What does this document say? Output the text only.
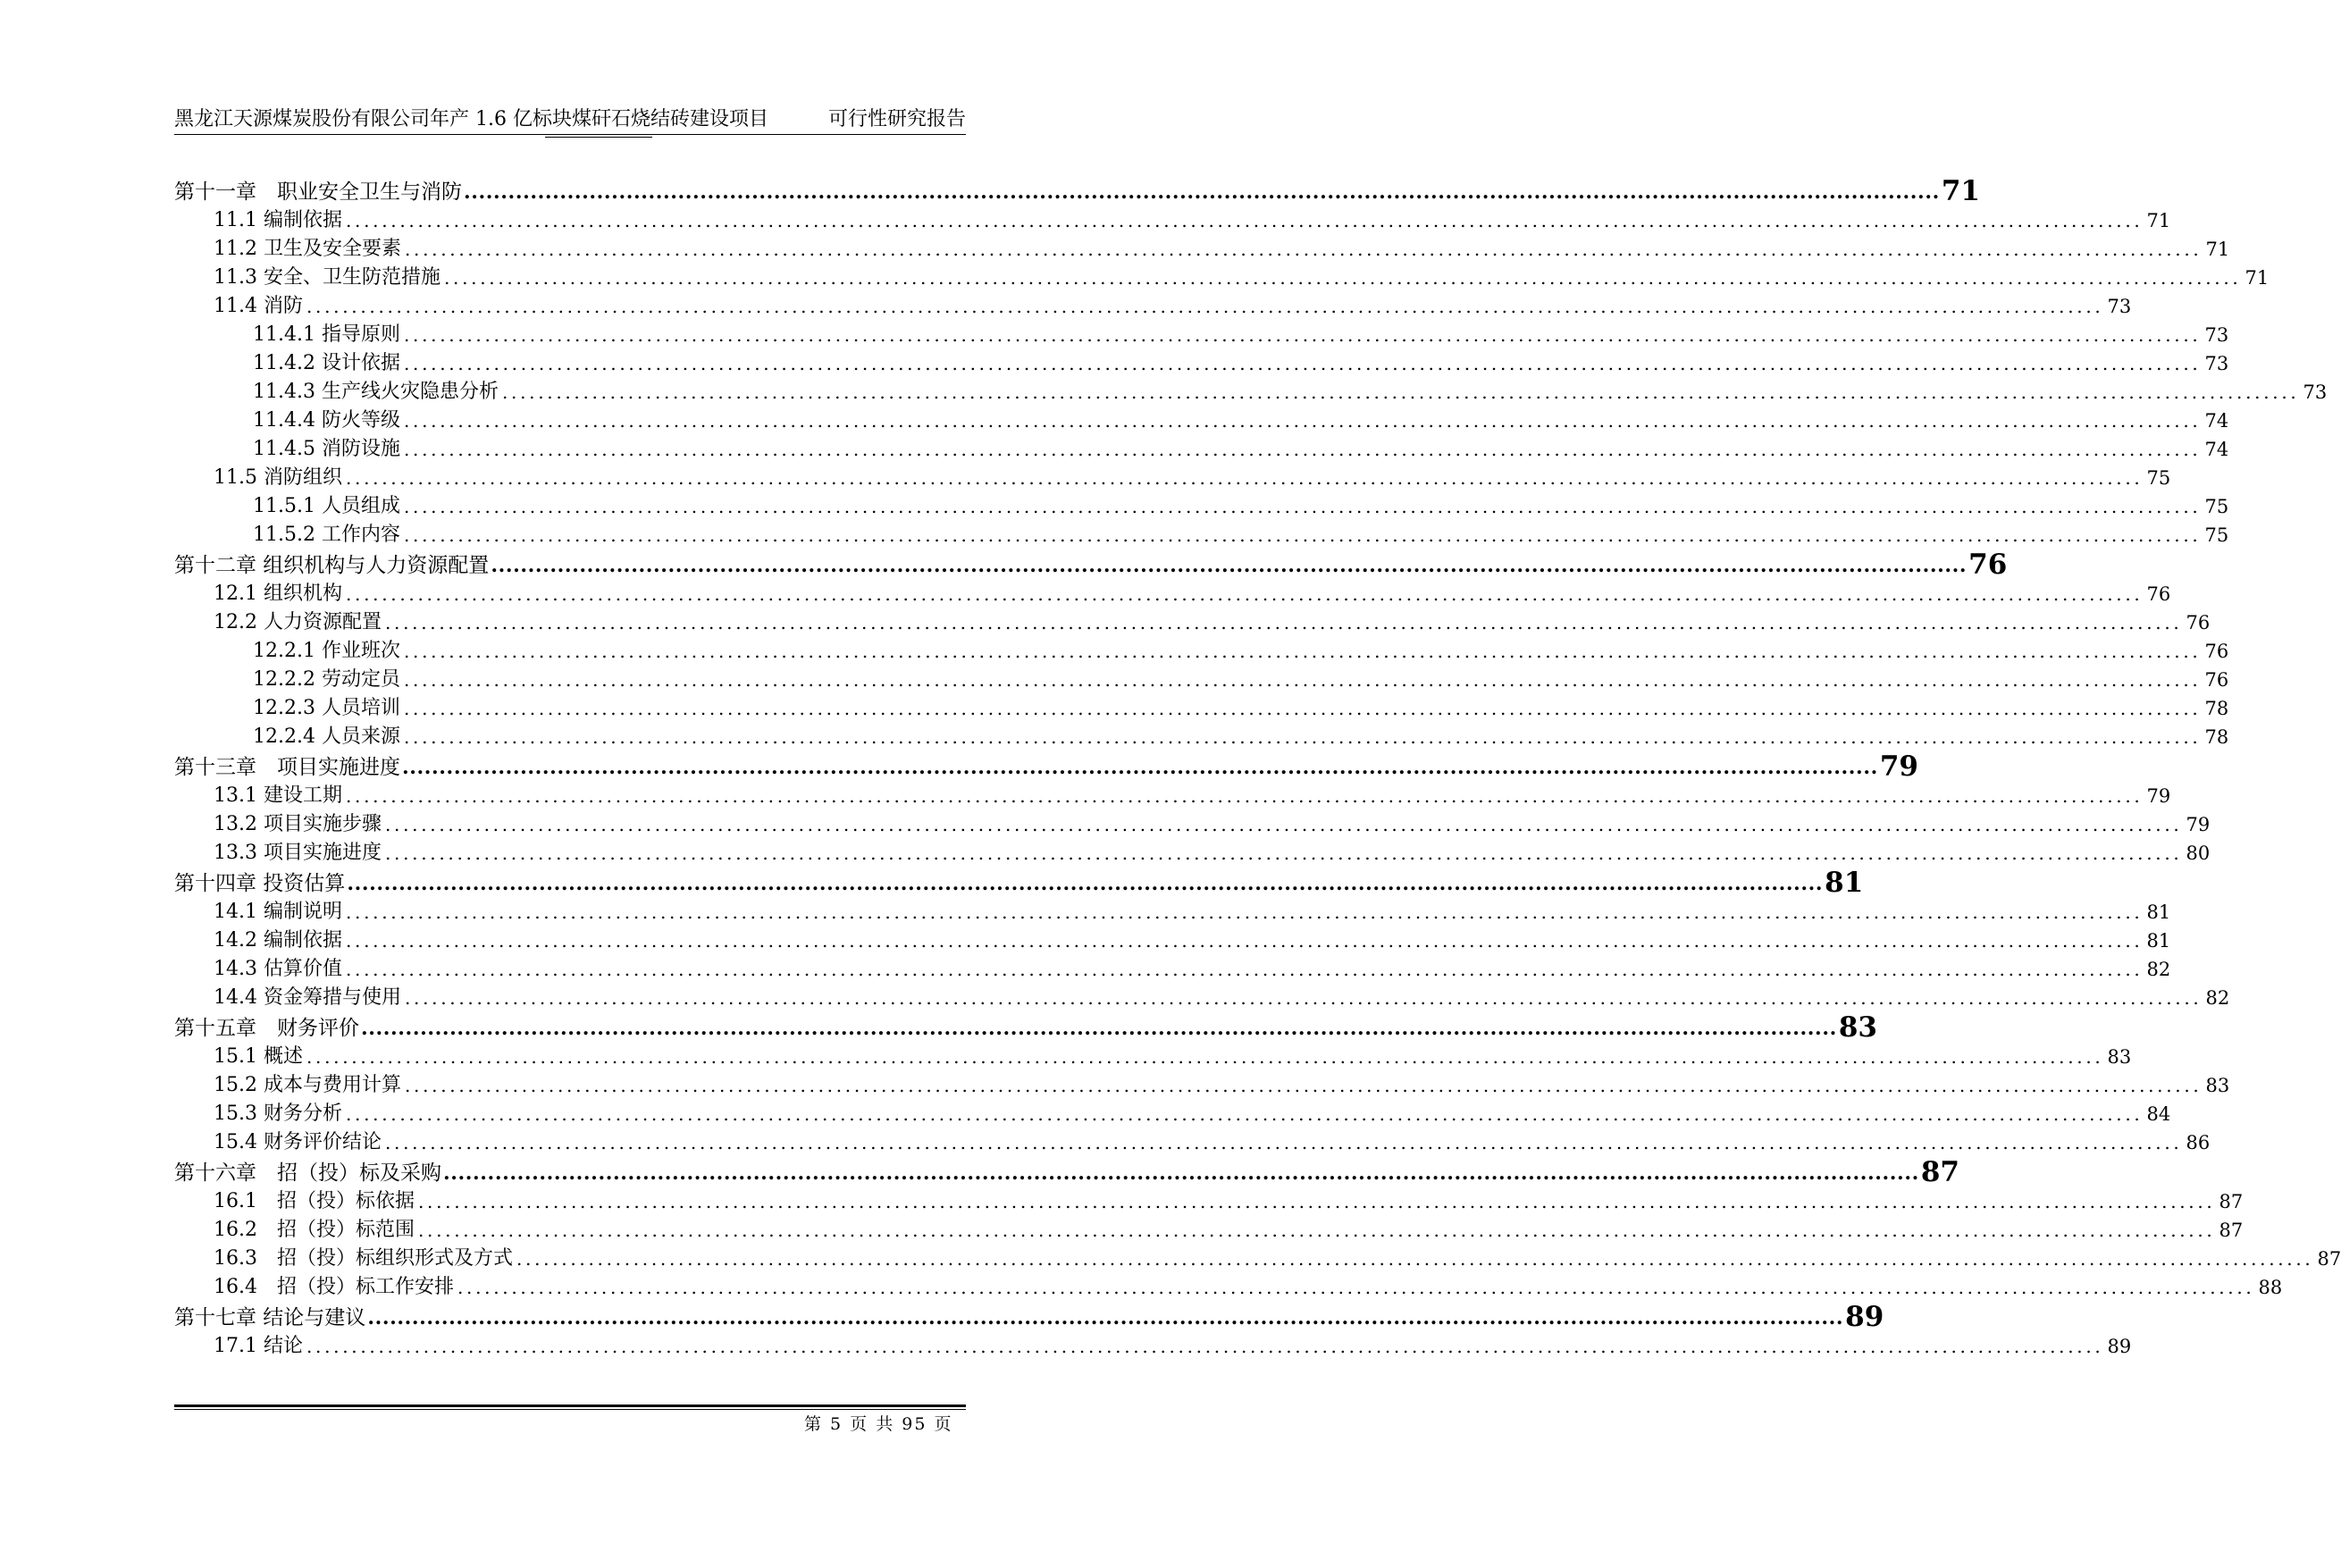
黑龙江天源煤炭股份有限公司年产 1.6 亿标块煤矸石烧结砖建设项目	可行性研究报告
第十一章　职业安全卫生与消防 ........................................................................................................................................................................................................ 71
11.1 编制依据 ........................................................................................................................................................................................................ 71
11.2 卫生及安全要素 ........................................................................................................................................................................................................ 71
11.3 安全、卫生防范措施 ........................................................................................................................................................................................................ 71
11.4 消防 ........................................................................................................................................................................................................ 73
11.4.1 指导原则 ........................................................................................................................................................................................................ 73
11.4.2 设计依据 ........................................................................................................................................................................................................ 73
11.4.3 生产线火灾隐患分析 ........................................................................................................................................................................................................ 73
11.4.4 防火等级 ........................................................................................................................................................................................................ 74
11.4.5 消防设施 ........................................................................................................................................................................................................ 74
11.5 消防组织 ........................................................................................................................................................................................................ 75
11.5.1 人员组成 ........................................................................................................................................................................................................ 75
11.5.2 工作内容 ........................................................................................................................................................................................................ 75
第十二章 组织机构与人力资源配置 ........................................................................................................................................................................................................ 76
12.1 组织机构 ........................................................................................................................................................................................................ 76
12.2 人力资源配置 ........................................................................................................................................................................................................ 76
12.2.1 作业班次 ........................................................................................................................................................................................................ 76
12.2.2 劳动定员 ........................................................................................................................................................................................................ 76
12.2.3 人员培训 ........................................................................................................................................................................................................ 78
12.2.4 人员来源 ........................................................................................................................................................................................................ 78
第十三章　项目实施进度 ........................................................................................................................................................................................................ 79
13.1 建设工期 ........................................................................................................................................................................................................ 79
13.2 项目实施步骤 ........................................................................................................................................................................................................ 79
13.3 项目实施进度 ........................................................................................................................................................................................................ 80
第十四章 投资估算 ........................................................................................................................................................................................................ 81
14.1 编制说明 ........................................................................................................................................................................................................ 81
14.2 编制依据 ........................................................................................................................................................................................................ 81
14.3 估算价值 ........................................................................................................................................................................................................ 82
14.4 资金筹措与使用 ........................................................................................................................................................................................................ 82
第十五章　财务评价 ........................................................................................................................................................................................................ 83
15.1 概述 ........................................................................................................................................................................................................ 83
15.2 成本与费用计算 ........................................................................................................................................................................................................ 83
15.3 财务分析 ........................................................................................................................................................................................................ 84
15.4 财务评价结论 ........................................................................................................................................................................................................ 86
第十六章　招（投）标及采购 ........................................................................................................................................................................................................ 87
16.1　招（投）标依据 ........................................................................................................................................................................................................ 87
16.2　招（投）标范围 ........................................................................................................................................................................................................ 87
16.3　招（投）标组织形式及方式 ........................................................................................................................................................................................................ 87
16.4　招（投）标工作安排 ........................................................................................................................................................................................................ 88
第十七章 结论与建议 ........................................................................................................................................................................................................ 89
17.1 结论 ........................................................................................................................................................................................................ 89
第 5 页 共 95 页
